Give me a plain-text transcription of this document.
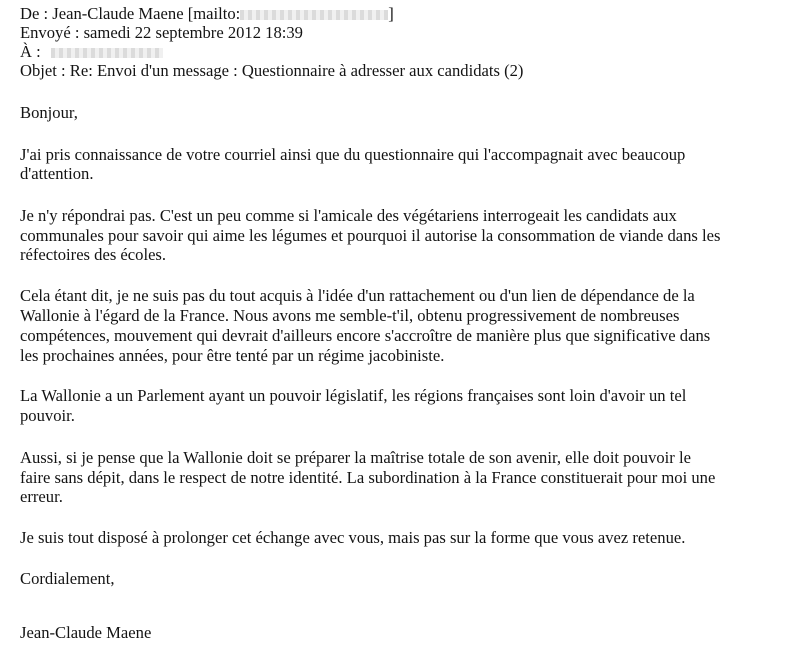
De : Jean-Claude Maene [mailto:	]
Envoyé : samedi 22 septembre 2012 18:39
À :
Objet : Re: Envoi d'un message : Questionnaire à adresser aux candidats (2)
Bonjour,
J'ai pris connaissance de votre courriel ainsi que du questionnaire qui l'accompagnait avec beaucoup
d'attention.
Je n'y répondrai pas. C'est un peu comme si l'amicale des végétariens interrogeait les candidats aux
communales pour savoir qui aime les légumes et pourquoi il autorise la consommation de viande dans les
réfectoires des écoles.
Cela étant dit, je ne suis pas du tout acquis à l'idée d'un rattachement ou d'un lien de dépendance de la
Wallonie à l'égard de la France. Nous avons me semble-t'il, obtenu progressivement de nombreuses
compétences, mouvement qui devrait d'ailleurs encore s'accroître de manière plus que significative dans
les prochaines années, pour être tenté par un régime jacobiniste.
La Wallonie a un Parlement ayant un pouvoir législatif, les régions françaises sont loin d'avoir un tel
pouvoir.
Aussi, si je pense que la Wallonie doit se préparer la maîtrise totale de son avenir, elle doit pouvoir le
faire sans dépit, dans le respect de notre identité. La subordination à la France constituerait pour moi une
erreur.
Je suis tout disposé à prolonger cet échange avec vous, mais pas sur la forme que vous avez retenue.
Cordialement,
Jean-Claude Maene
